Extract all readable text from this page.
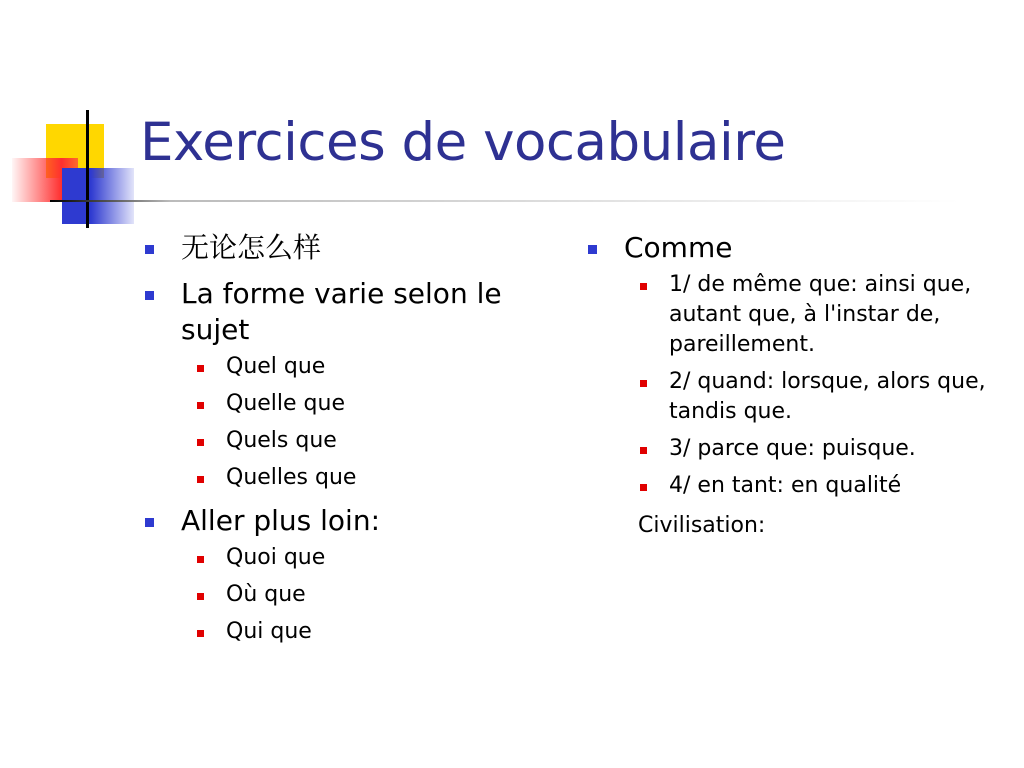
Exercices de vocabulaire
无论怎么样
La forme varie selon le sujet
Quel que
Quelle que
Quels que
Quelles que
Aller plus loin:
Quoi que
Où que
Qui que
Comme
1/ de même que: ainsi que, autant que, à l'instar de, pareillement.
2/ quand: lorsque, alors que, tandis que.
3/ parce que: puisque.
4/ en tant: en qualité
Civilisation:
